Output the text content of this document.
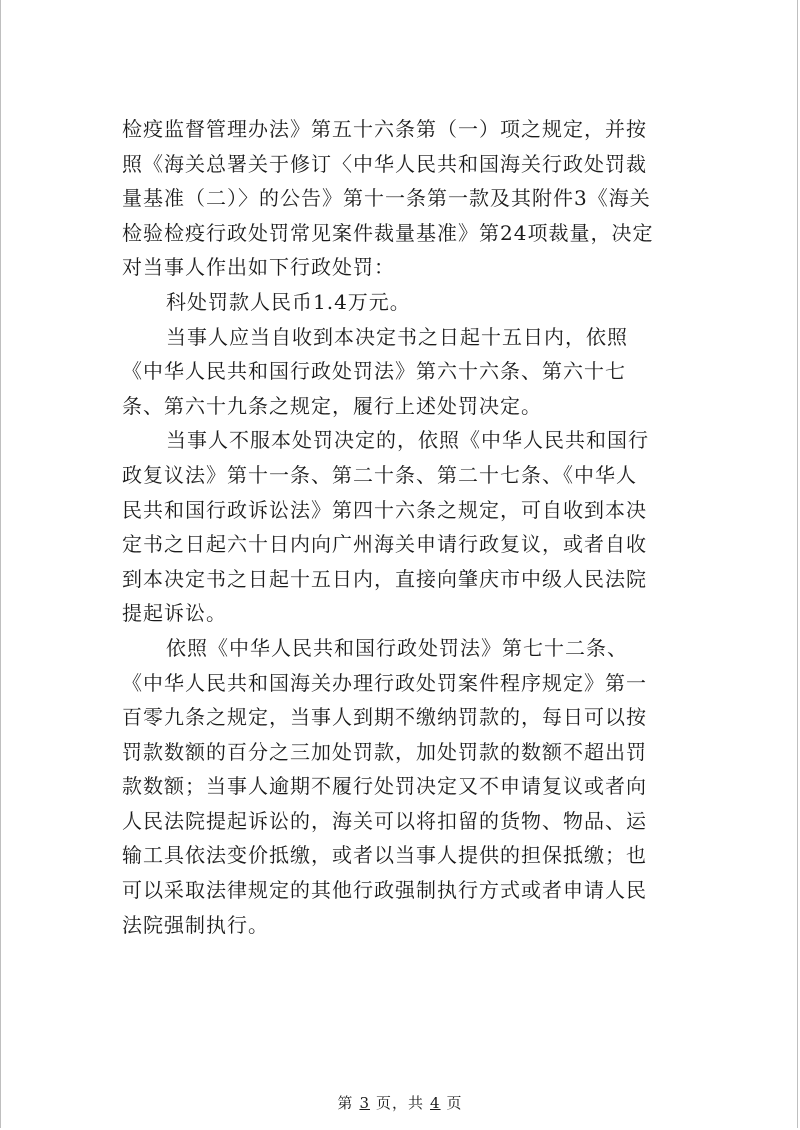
检疫监督管理办法》第五十六条第（一）项之规定，并按
照《海关总署关于修订〈中华人民共和国海关行政处罚裁
量基准（二）〉的公告》第十一条第一款及其附件3《海关
检验检疫行政处罚常见案件裁量基准》第24项裁量，决定
对当事人作出如下行政处罚：
科处罚款人民币1.4万元。
当事人应当自收到本决定书之日起十五日内，依照
《中华人民共和国行政处罚法》第六十六条、第六十七
条、第六十九条之规定，履行上述处罚决定。
当事人不服本处罚决定的，依照《中华人民共和国行
政复议法》第十一条、第二十条、第二十七条、《中华人
民共和国行政诉讼法》第四十六条之规定，可自收到本决
定书之日起六十日内向广州海关申请行政复议，或者自收
到本决定书之日起十五日内，直接向肇庆市中级人民法院
提起诉讼。
依照《中华人民共和国行政处罚法》第七十二条、
《中华人民共和国海关办理行政处罚案件程序规定》第一
百零九条之规定，当事人到期不缴纳罚款的，每日可以按
罚款数额的百分之三加处罚款，加处罚款的数额不超出罚
款数额；当事人逾期不履行处罚决定又不申请复议或者向
人民法院提起诉讼的，海关可以将扣留的货物、物品、运
输工具依法变价抵缴，或者以当事人提供的担保抵缴；也
可以采取法律规定的其他行政强制执行方式或者申请人民
法院强制执行。
第 3 页，共 4 页
